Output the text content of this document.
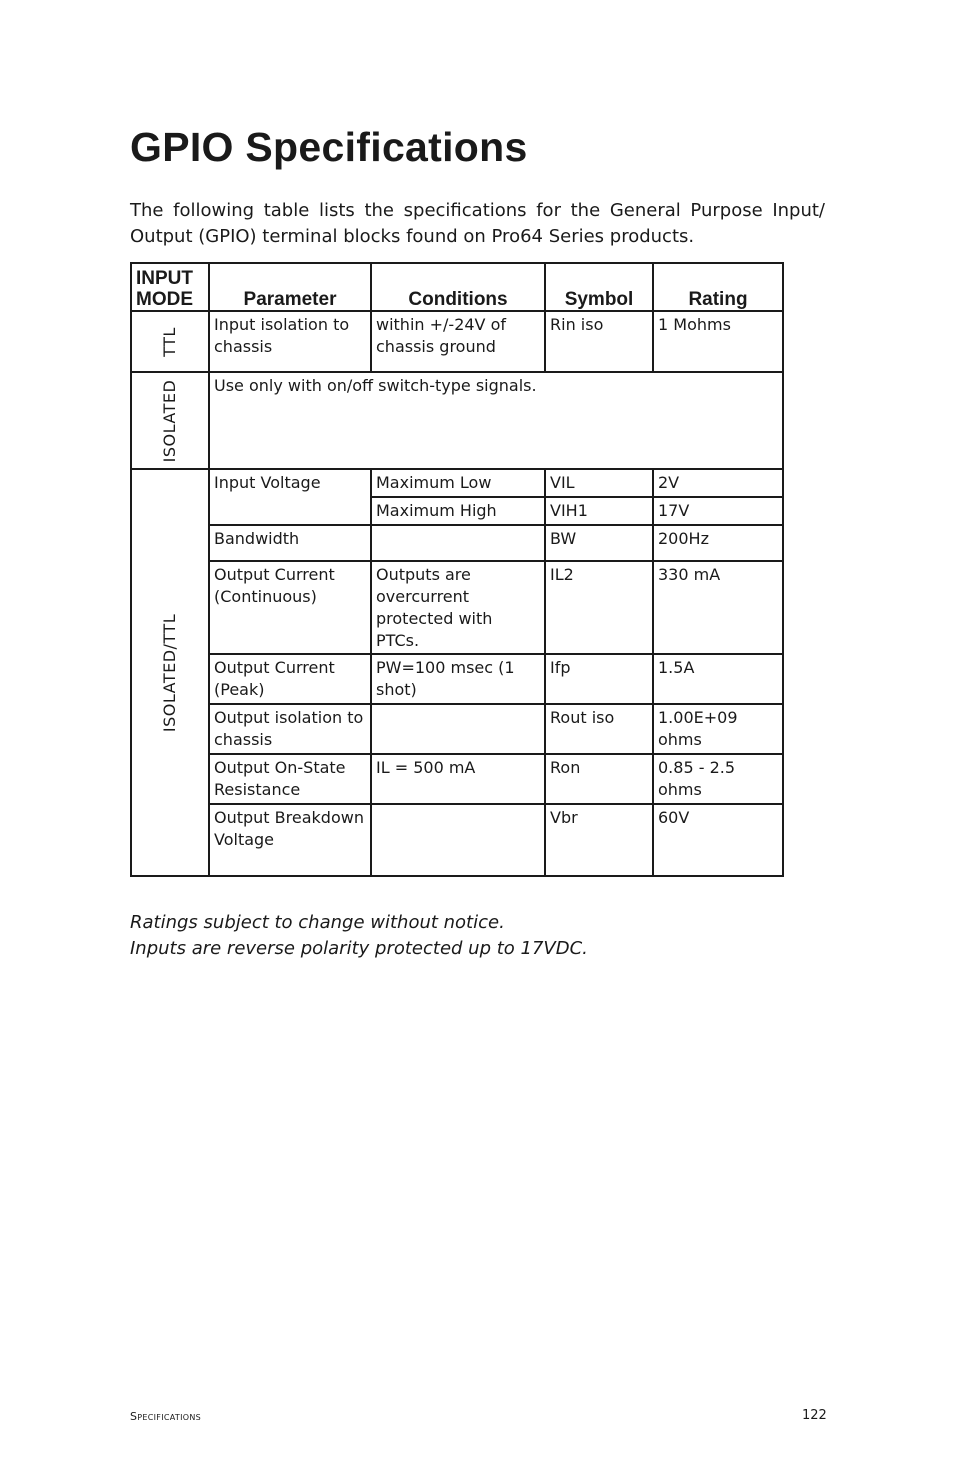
GPIO Specifications

The following table lists the specifications for the General Purpose Input/ Output (GPIO) terminal blocks found on Pro64 Series products.

INPUT
MODE	Parameter	Conditions	Symbol	Rating

TTL	Input isolation to chassis	within +/-24V of chassis ground	Rin iso	1 Mohms

ISOLATED	Use only with on/off switch-type signals.			

ISOLATED/TTL	Input Voltage	Maximum Low	VIL	2V
		Maximum High	VIH1	17V
	Bandwidth		BW	200Hz
	Output Current (Continuous)	Outputs are overcurrent protected with PTCs.	IL2	330 mA
	Output Current (Peak)	PW=100 msec (1 shot)	Ifp	1.5A
	Output isolation to chassis		Rout iso	1.00E+09 ohms
	Output On-State Resistance	IL = 500 mA	Ron	0.85 - 2.5 ohms
	Output Breakdown Voltage		Vbr	60V

Ratings subject to change without notice.
Inputs are reverse polarity protected up to 17VDC.
Specifications	122
